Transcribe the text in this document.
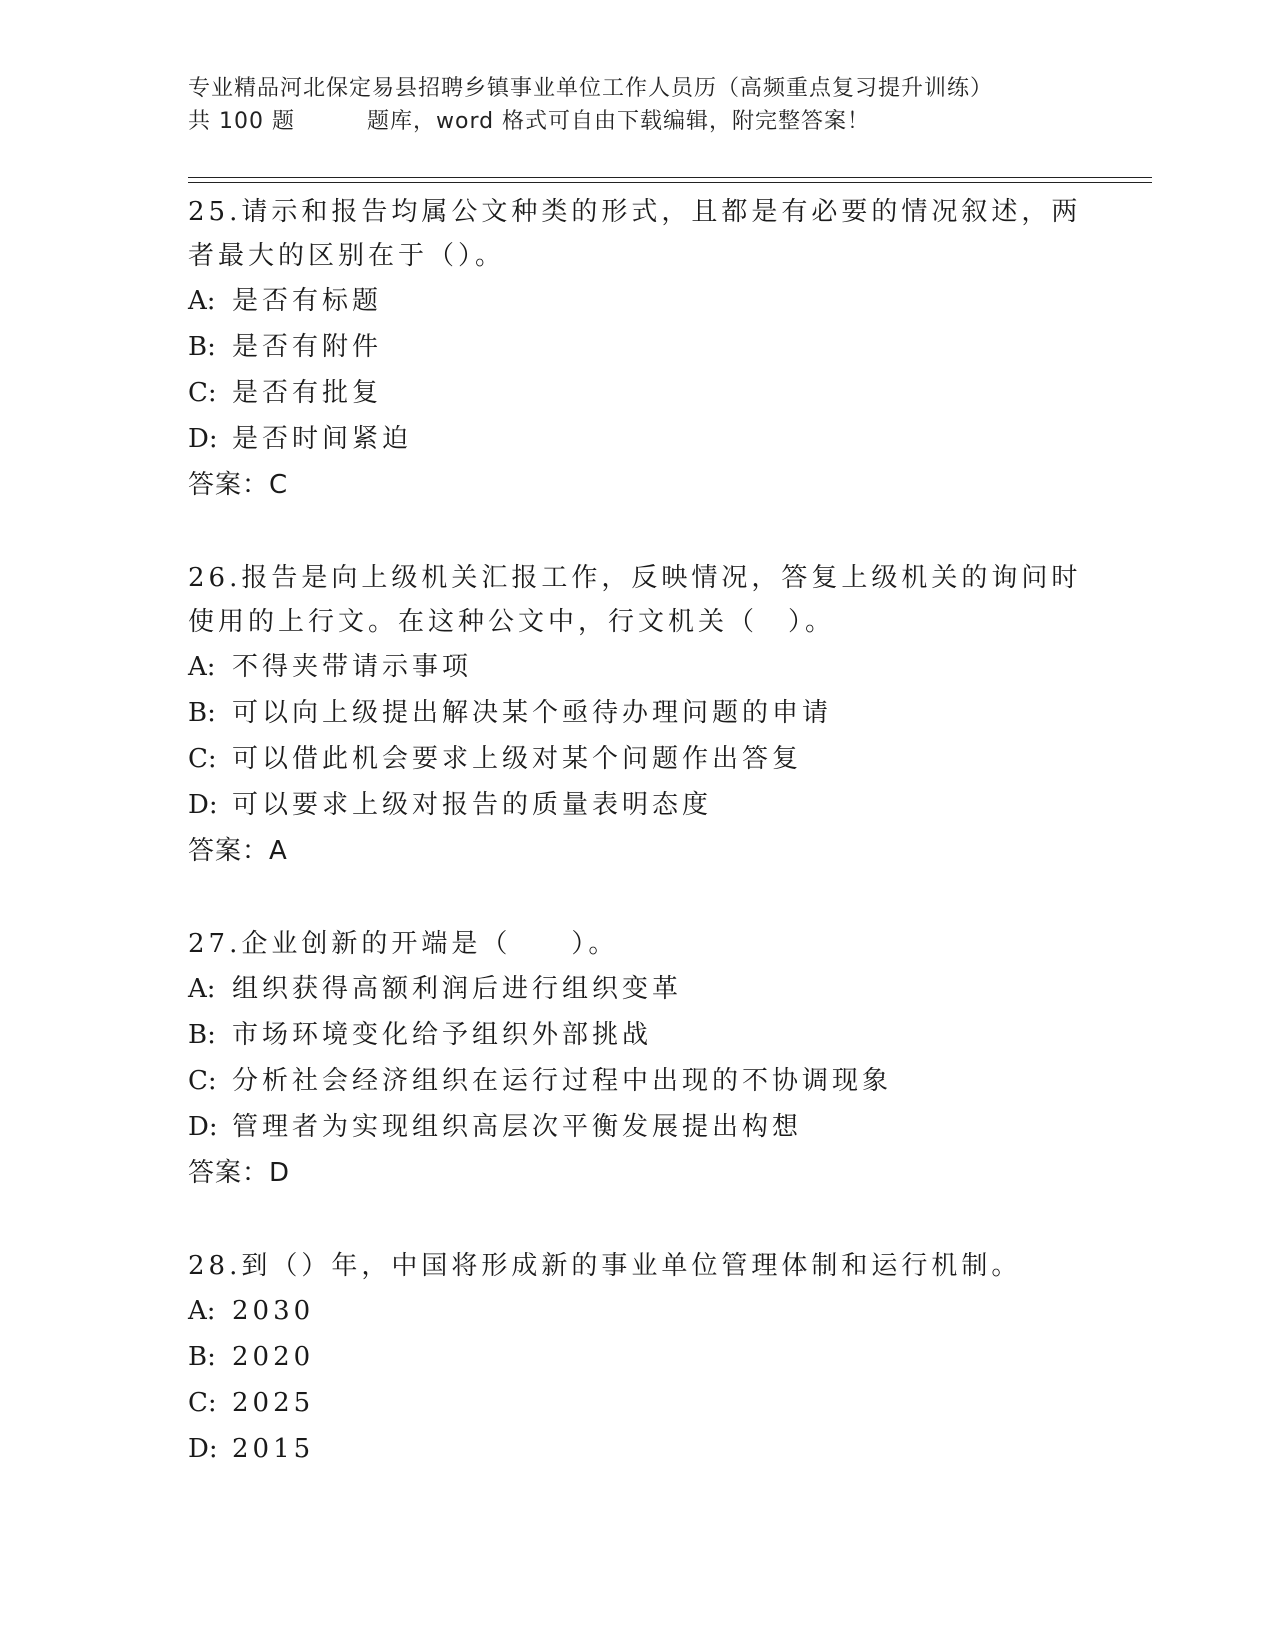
专业精品河北保定易县招聘乡镇事业单位工作人员历（高频重点复习提升训练）
共 100 题	题库，word 格式可自由下载编辑，附完整答案！

25.请示和报告均属公文种类的形式，且都是有必要的情况叙述，两者最大的区别在于（）。

A: 是否有标题

B: 是否有附件

C: 是否有批复

D: 是否时间紧迫

答案：C

26.报告是向上级机关汇报工作，反映情况，答复上级机关的询问时使用的上行文。在这种公文中，行文机关（　）。

A: 不得夹带请示事项

B: 可以向上级提出解决某个亟待办理问题的申请

C: 可以借此机会要求上级对某个问题作出答复

D: 可以要求上级对报告的质量表明态度

答案：A

27.企业创新的开端是（　　）。

A: 组织获得高额利润后进行组织变革

B: 市场环境变化给予组织外部挑战

C: 分析社会经济组织在运行过程中出现的不协调现象

D: 管理者为实现组织高层次平衡发展提出构想

答案：D

28.到（）年，中国将形成新的事业单位管理体制和运行机制。

A: 2030

B: 2020

C: 2025

D: 2015
